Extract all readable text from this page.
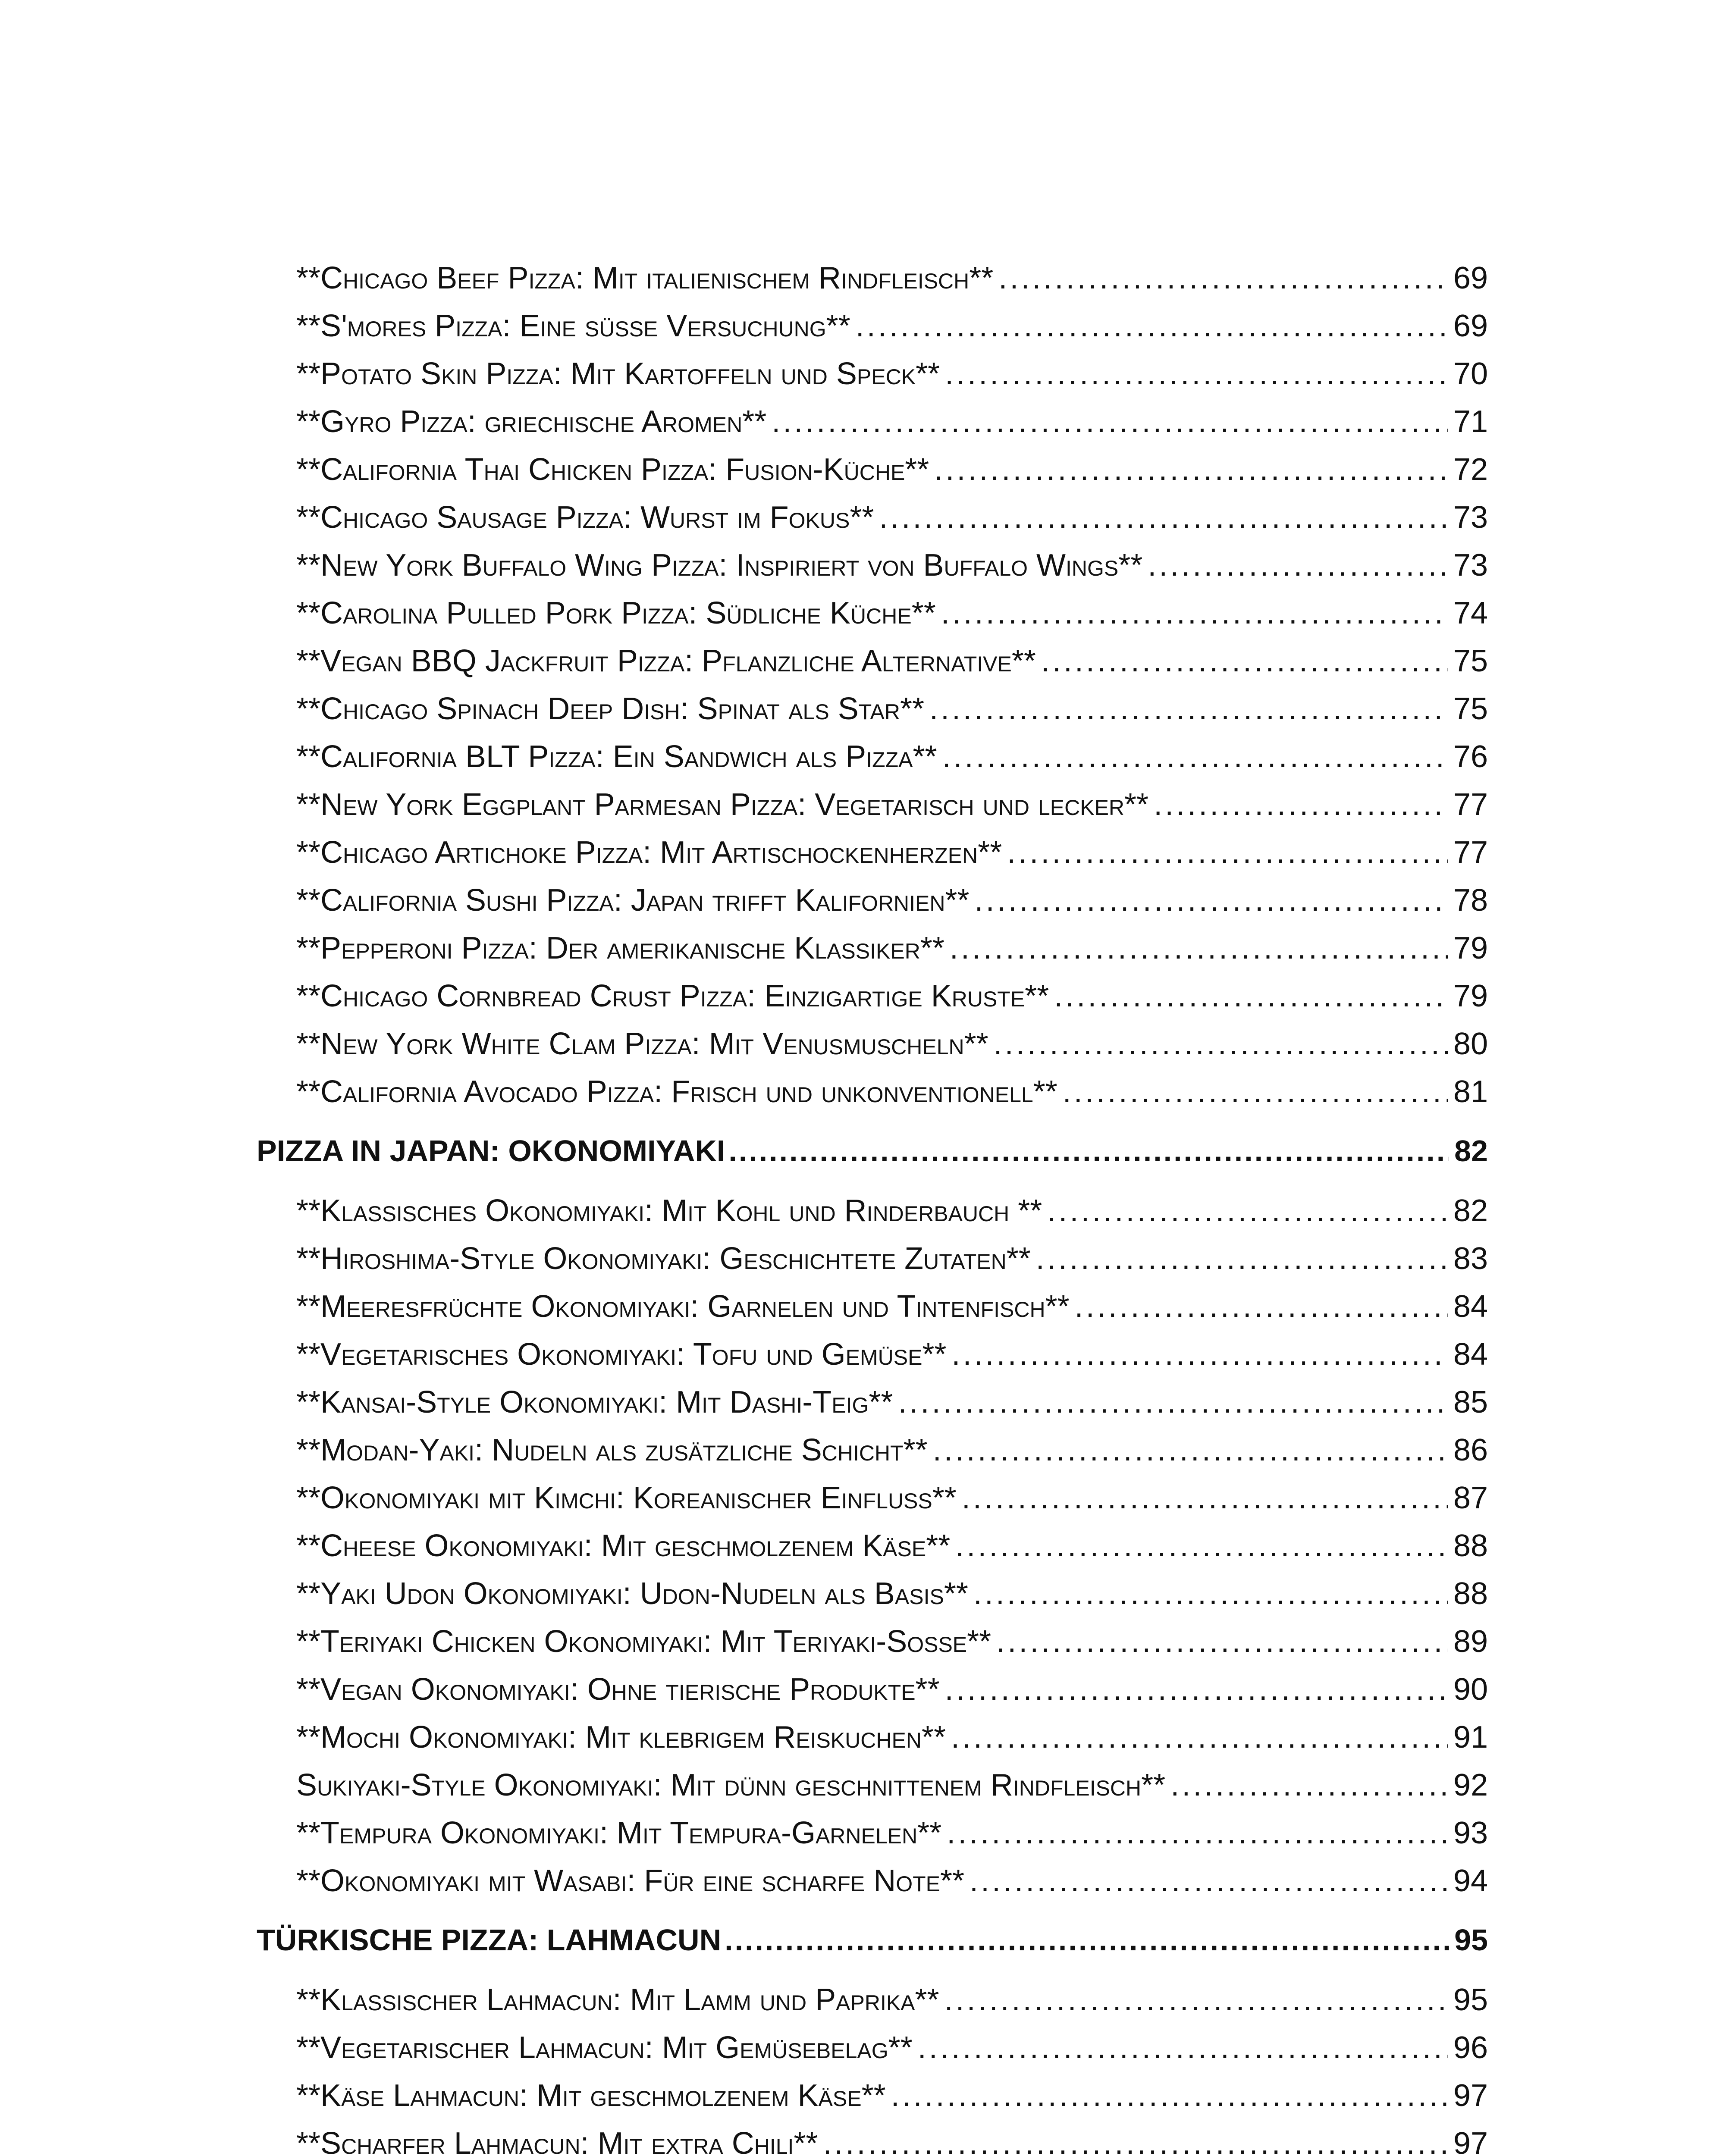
**Chicago Beef Pizza: Mit italienischem Rindfleisch** .....	69
**S'mores Pizza: Eine süße Versuchung** .....	69
**Potato Skin Pizza: Mit Kartoffeln und Speck** .....	70
**Gyro Pizza: griechische Aromen** .....	71
**California Thai Chicken Pizza: Fusion-Küche** .....	72
**Chicago Sausage Pizza: Wurst im Fokus** .....	73
**New York Buffalo Wing Pizza: Inspiriert von Buffalo Wings** .....	73
**Carolina Pulled Pork Pizza: Südliche Küche** .....	74
**Vegan BBQ Jackfruit Pizza: Pflanzliche Alternative** .....	75
**Chicago Spinach Deep Dish: Spinat als Star** .....	75
**California BLT Pizza: Ein Sandwich als Pizza** .....	76
**New York Eggplant Parmesan Pizza: Vegetarisch und lecker** .....	77
**Chicago Artichoke Pizza: Mit Artischockenherzen** .....	77
**California Sushi Pizza: Japan trifft Kalifornien** .....	78
**Pepperoni Pizza: Der amerikanische Klassiker** .....	79
**Chicago Cornbread Crust Pizza: Einzigartige Kruste** .....	79
**New York White Clam Pizza: Mit Venusmuscheln** .....	80
**California Avocado Pizza: Frisch und unkonventionell** .....	81
PIZZA IN JAPAN: OKONOMIYAKI .....	82
**Klassisches Okonomiyaki: Mit Kohl und Rinderbauch ** .....	82
**Hiroshima-Style Okonomiyaki: Geschichtete Zutaten** .....	83
**Meeresfrüchte Okonomiyaki: Garnelen und Tintenfisch** .....	84
**Vegetarisches Okonomiyaki: Tofu und Gemüse** .....	84
**Kansai-Style Okonomiyaki: Mit Dashi-Teig** .....	85
**Modan-Yaki: Nudeln als zusätzliche Schicht** .....	86
**Okonomiyaki mit Kimchi: Koreanischer Einfluss** .....	87
**Cheese Okonomiyaki: Mit geschmolzenem Käse** .....	88
**Yaki Udon Okonomiyaki: Udon-Nudeln als Basis** .....	88
**Teriyaki Chicken Okonomiyaki: Mit Teriyaki-Soße** .....	89
**Vegan Okonomiyaki: Ohne tierische Produkte** .....	90
**Mochi Okonomiyaki: Mit klebrigem Reiskuchen** .....	91
Sukiyaki-Style Okonomiyaki: Mit dünn geschnittenem Rindfleisch** .....	92
**Tempura Okonomiyaki: Mit Tempura-Garnelen** .....	93
**Okonomiyaki mit Wasabi: Für eine scharfe Note** .....	94
TÜRKISCHE PIZZA: LAHMACUN .....	95
**Klassischer Lahmacun: Mit Lamm und Paprika** .....	95
**Vegetarischer Lahmacun: Mit Gemüsebelag** .....	96
**Käse Lahmacun: Mit geschmolzenem Käse** .....	97
**Scharfer Lahmacun: Mit extra Chili** .....	97
